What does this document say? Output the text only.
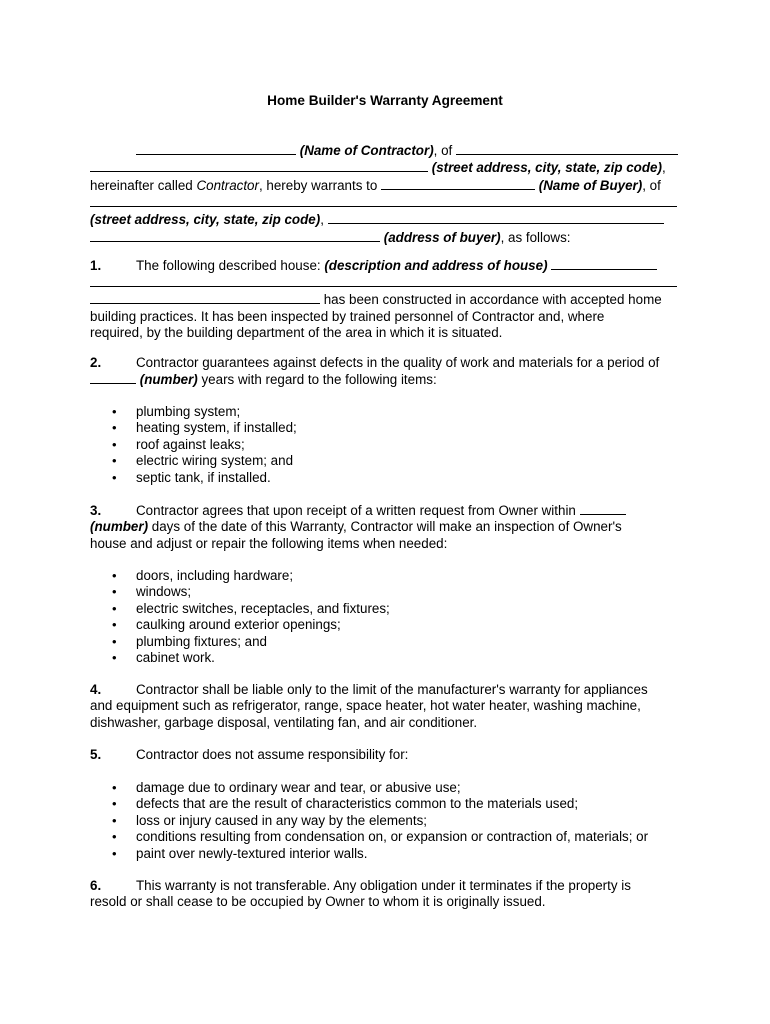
Home Builder's Warranty Agreement
(Name of Contractor), of
(street address, city, state, zip code),
hereinafter called Contractor, hereby warrants to	(Name of Buyer), of
(street address, city, state, zip code),
(address of buyer), as follows:
1.	The following described house: (description and address of house)
has been constructed in accordance with accepted home
building practices. It has been inspected by trained personnel of Contractor and, where
required, by the building department of the area in which it is situated.
2.	Contractor guarantees against defects in the quality of work and materials for a period of
(number) years with regard to the following items:
• plumbing system;
• heating system, if installed;
• roof against leaks;
• electric wiring system; and
• septic tank, if installed.
3.	Contractor agrees that upon receipt of a written request from Owner within
(number) days of the date of this Warranty, Contractor will make an inspection of Owner's
house and adjust or repair the following items when needed:
• doors, including hardware;
• windows;
• electric switches, receptacles, and fixtures;
• caulking around exterior openings;
• plumbing fixtures; and
• cabinet work.
4.	Contractor shall be liable only to the limit of the manufacturer's warranty for appliances
and equipment such as refrigerator, range, space heater, hot water heater, washing machine,
dishwasher, garbage disposal, ventilating fan, and air conditioner.
5.	Contractor does not assume responsibility for:
• damage due to ordinary wear and tear, or abusive use;
• defects that are the result of characteristics common to the materials used;
• loss or injury caused in any way by the elements;
• conditions resulting from condensation on, or expansion or contraction of, materials; or
• paint over newly-textured interior walls.
6.	This warranty is not transferable. Any obligation under it terminates if the property is
resold or shall cease to be occupied by Owner to whom it is originally issued.
